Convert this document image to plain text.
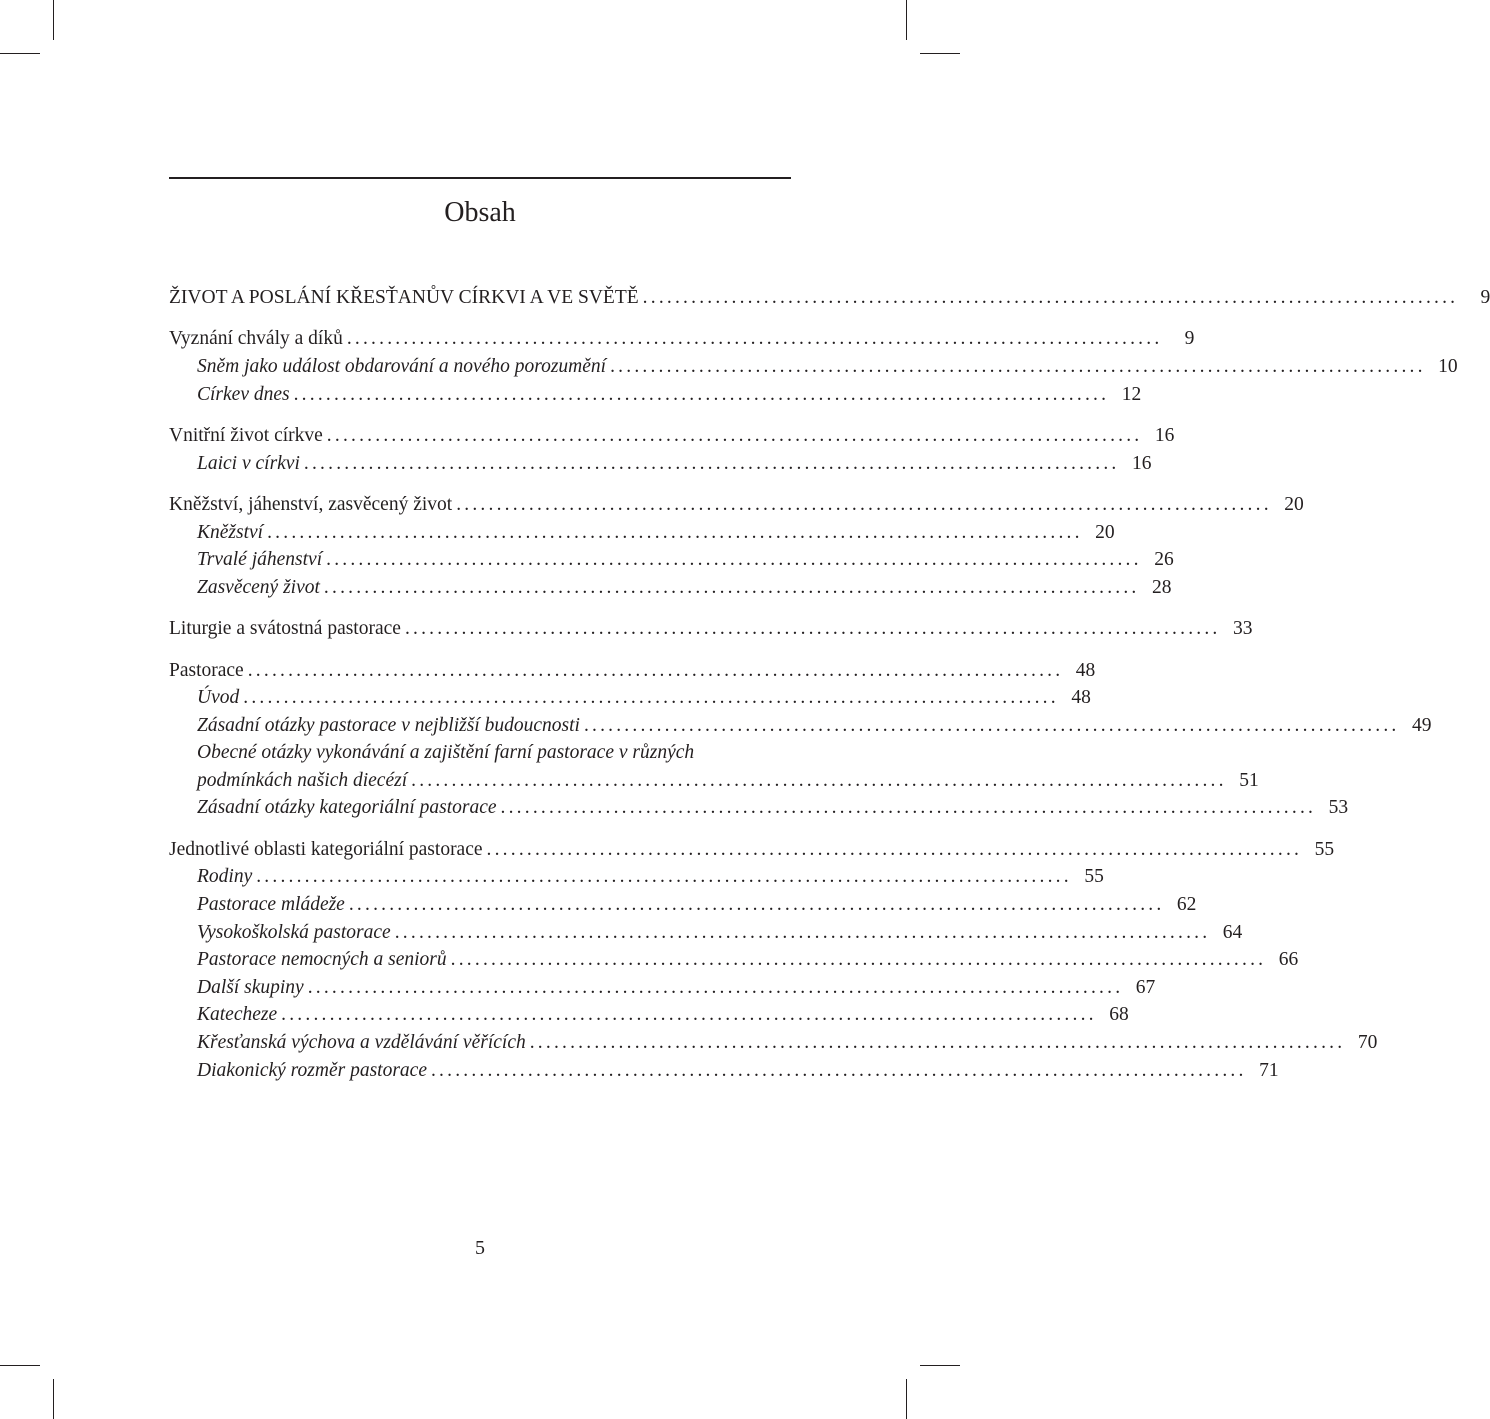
Obsah
ŽIVOT A POSLÁNÍ KŘESŤANŮV CÍRKVI A VE SVĚTĚ .....................................................................................................	9
Vyznání chvály a díků .....................................................................................................	9
Sněm jako událost obdarování a nového porozumění ..................................................................................................... 10
Církev dnes ..................................................................................................... 12
Vnitřní život církve ..................................................................................................... 16
Laici v církvi ..................................................................................................... 16
Kněžství, jáhenství, zasvěcený život ..................................................................................................... 20
Kněžství ..................................................................................................... 20
Trvalé jáhenství ..................................................................................................... 26
Zasvěcený život ..................................................................................................... 28
Liturgie a svátostná pastorace ..................................................................................................... 33
Pastorace ..................................................................................................... 48
Úvod ..................................................................................................... 48
Zásadní otázky pastorace v nejbližší budoucnosti ..................................................................................................... 49
Obecné otázky vykonávání a zajištění farní pastorace v různých
podmínkách našich diecézí ..................................................................................................... 51
Zásadní otázky kategoriální pastorace ..................................................................................................... 53
Jednotlivé oblasti kategoriální pastorace ..................................................................................................... 55
Rodiny ..................................................................................................... 55
Pastorace mládeže ..................................................................................................... 62
Vysokoškolská pastorace ..................................................................................................... 64
Pastorace nemocných a seniorů ..................................................................................................... 66
Další skupiny ..................................................................................................... 67
Katecheze ..................................................................................................... 68
Křesťanská výchova a vzdělávání věřících ..................................................................................................... 70
Diakonický rozměr pastorace ..................................................................................................... 71
5
